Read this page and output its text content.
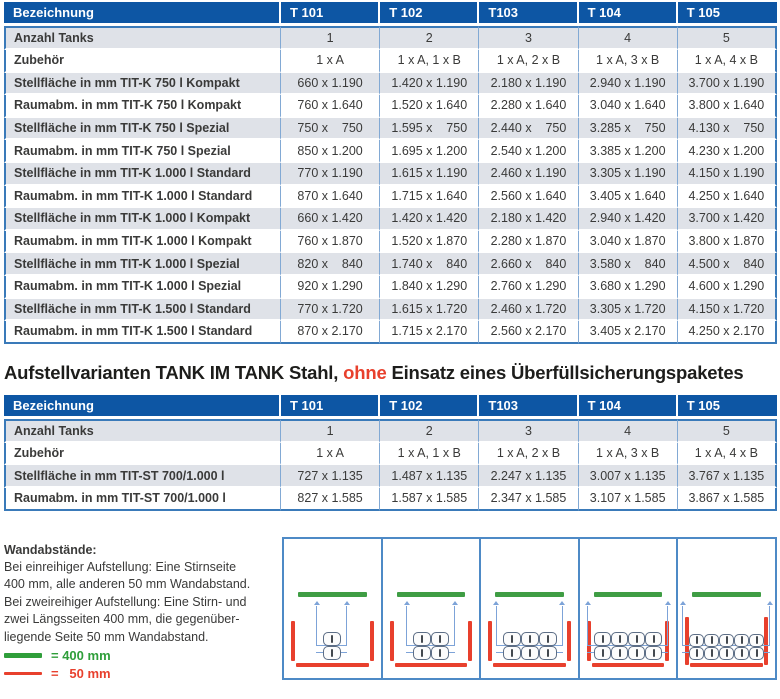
Bezeichnung	T 101	T 102	T103	T 104	T 105
Anzahl Tanks	1	2	3	4	5
Zubehör	1 x A	1 x A, 1 x B	1 x A, 2 x B	1 x A, 3 x B	1 x A, 4 x B
Stellfläche in mm TIT-K 750 l Kompakt	660 x 1.190	1.420 x 1.190	2.180 x 1.190	2.940 x 1.190	3.700 x 1.190
Raumabm. in mm TIT-K 750 l Kompakt	760 x 1.640	1.520 x 1.640	2.280 x 1.640	3.040 x 1.640	3.800 x 1.640
Stellfläche in mm TIT-K 750 l Spezial	750 x    750	1.595 x    750	2.440 x    750	3.285 x    750	4.130 x    750
Raumabm. in mm TIT-K 750 l Spezial	850 x 1.200	1.695 x 1.200	2.540 x 1.200	3.385 x 1.200	4.230 x 1.200
Stellfläche in mm TIT-K 1.000 l Standard	770 x 1.190	1.615 x 1.190	2.460 x 1.190	3.305 x 1.190	4.150 x 1.190
Raumabm. in mm TIT-K 1.000 l Standard	870 x 1.640	1.715 x 1.640	2.560 x 1.640	3.405 x 1.640	4.250 x 1.640
Stellfläche in mm TIT-K 1.000 l Kompakt	660 x 1.420	1.420 x 1.420	2.180 x 1.420	2.940 x 1.420	3.700 x 1.420
Raumabm. in mm TIT-K 1.000 l Kompakt	760 x 1.870	1.520 x 1.870	2.280 x 1.870	3.040 x 1.870	3.800 x 1.870
Stellfläche in mm TIT-K 1.000 l Spezial	820 x    840	1.740 x    840	2.660 x    840	3.580 x    840	4.500 x    840
Raumabm. in mm TIT-K 1.000 l Spezial	920 x 1.290	1.840 x 1.290	2.760 x 1.290	3.680 x 1.290	4.600 x 1.290
Stellfläche in mm TIT-K 1.500 l Standard	770 x 1.720	1.615 x 1.720	2.460 x 1.720	3.305 x 1.720	4.150 x 1.720
Raumabm. in mm TIT-K 1.500 l Standard	870 x 2.170	1.715 x 2.170	2.560 x 2.170	3.405 x 2.170	4.250 x 2.170
Aufstellvarianten TANK IM TANK Stahl, ohne Einsatz eines Überfüllsicherungspaketes
Bezeichnung	T 101	T 102	T103	T 104	T 105
Anzahl Tanks	1	2	3	4	5
Zubehör	1 x A	1 x A, 1 x B	1 x A, 2 x B	1 x A, 3 x B	1 x A, 4 x B
Stellfläche in mm TIT-ST 700/1.000 l	727 x 1.135	1.487 x 1.135	2.247 x 1.135	3.007 x 1.135	3.767 x 1.135
Raumabm. in mm TIT-ST 700/1.000 l	827 x 1.585	1.587 x 1.585	2.347 x 1.585	3.107 x 1.585	3.867 x 1.585
Wandabstände:
Bei einreihiger Aufstellung: Eine Stirnseite
400 mm, alle anderen 50 mm Wandabstand.
Bei zweireihiger Aufstellung: Eine Stirn- und
zwei Längsseiten 400 mm, die gegenüber-
liegende Seite 50 mm Wandabstand.
= 400 mm
=   50 mm
